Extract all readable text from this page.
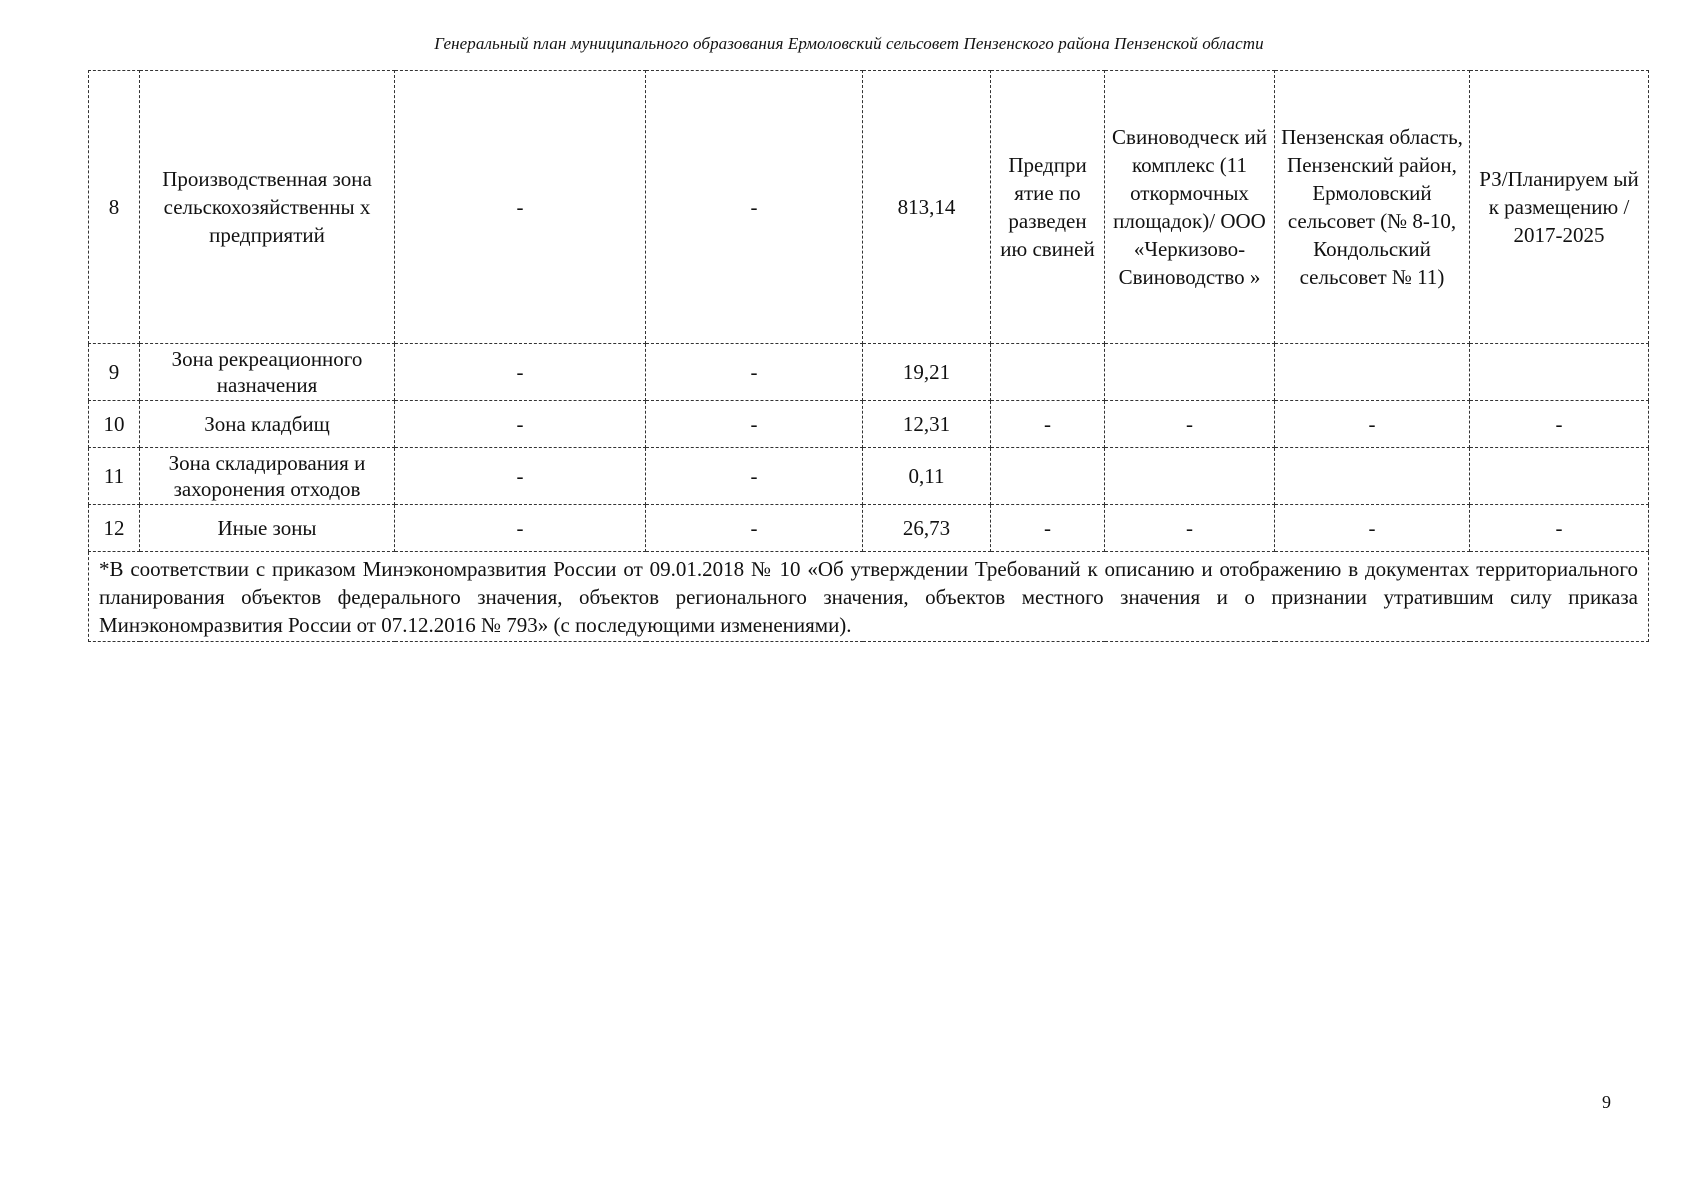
Генеральный план муниципального образования Ермоловский сельсовет Пензенского района Пензенской области
8	Производственная зона сельскохозяйственны х предприятий	-	-	813,14	Предпри ятие по разведен ию свиней	Свиноводческ ий комплекс (11 откормочных площадок)/ ООО «Черкизово-Свиноводство »	Пензенская область, Пензенский район, Ермоловский сельсовет (№ 8-10, Кондольский сельсовет № 11)	РЗ/Планируем ый к размещению / 2017-2025
9	Зона рекреационного назначения	-	-	19,21				
10	Зона кладбищ	-	-	12,31	-	-	-	-
11	Зона складирования и захоронения отходов	-	-	0,11				
12	Иные зоны	-	-	26,73	-	-	-	-
*В соответствии с приказом Минэкономразвития России от 09.01.2018 № 10 «Об утверждении Требований к описанию и отображению в документах территориального планирования объектов федерального значения, объектов регионального значения, объектов местного значения и о признании утратившим силу приказа Минэкономразвития России от 07.12.2016 № 793» (с последующими изменениями).								
9
